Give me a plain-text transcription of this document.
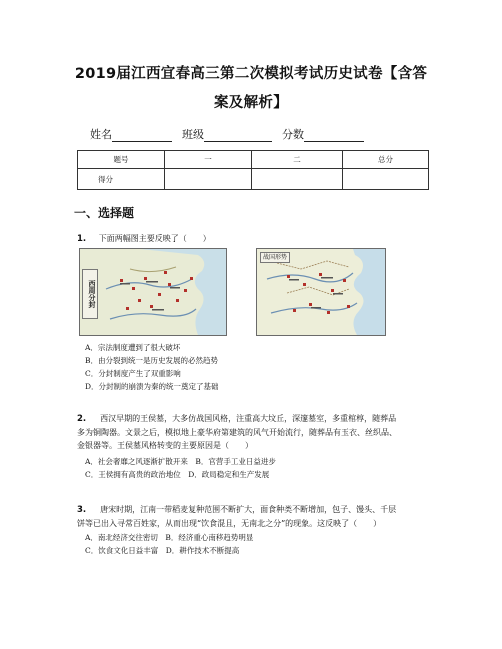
2019届江西宜春高三第二次模拟考试历史试卷【含答
案及解析】
姓名	班级	分数
题号	一	二	总分
得分			
一、选择题
1. 下面两幅图主要反映了（　　）
西周分封
战国形势
A．宗法制度遭到了很大破坏
B．由分裂到统一是历史发展的必然趋势
C．分封制度产生了双重影响
D．分封制的崩溃为秦的统一奠定了基础
2. 西汉早期的王侯墓，大多仿战国风格，注重高大坟丘，深邃墓室，多重棺椁，随葬品
多为铜陶器。文景之后，模拟地上豪华府第建筑的风气开始流行，随葬品有玉衣、丝织品、
金银器等。王侯墓风格转变的主要原因是（　　）
A．社会奢靡之风逐渐扩散开来　B．官营手工业日益进步
C．王侯拥有高贵的政治地位　D．政局稳定和生产发展
3. 唐宋时期，江南一带稻麦复种范围不断扩大，面食种类不断增加，包子、馒头、千层
饼等已出入寻常百姓家，从而出现“饮食混且，无南北之分”的现象。这反映了（　　）
A．南北经济交往密切　B．经济重心南移趋势明显
C．饮食文化日益丰富　D．耕作技术不断提高
